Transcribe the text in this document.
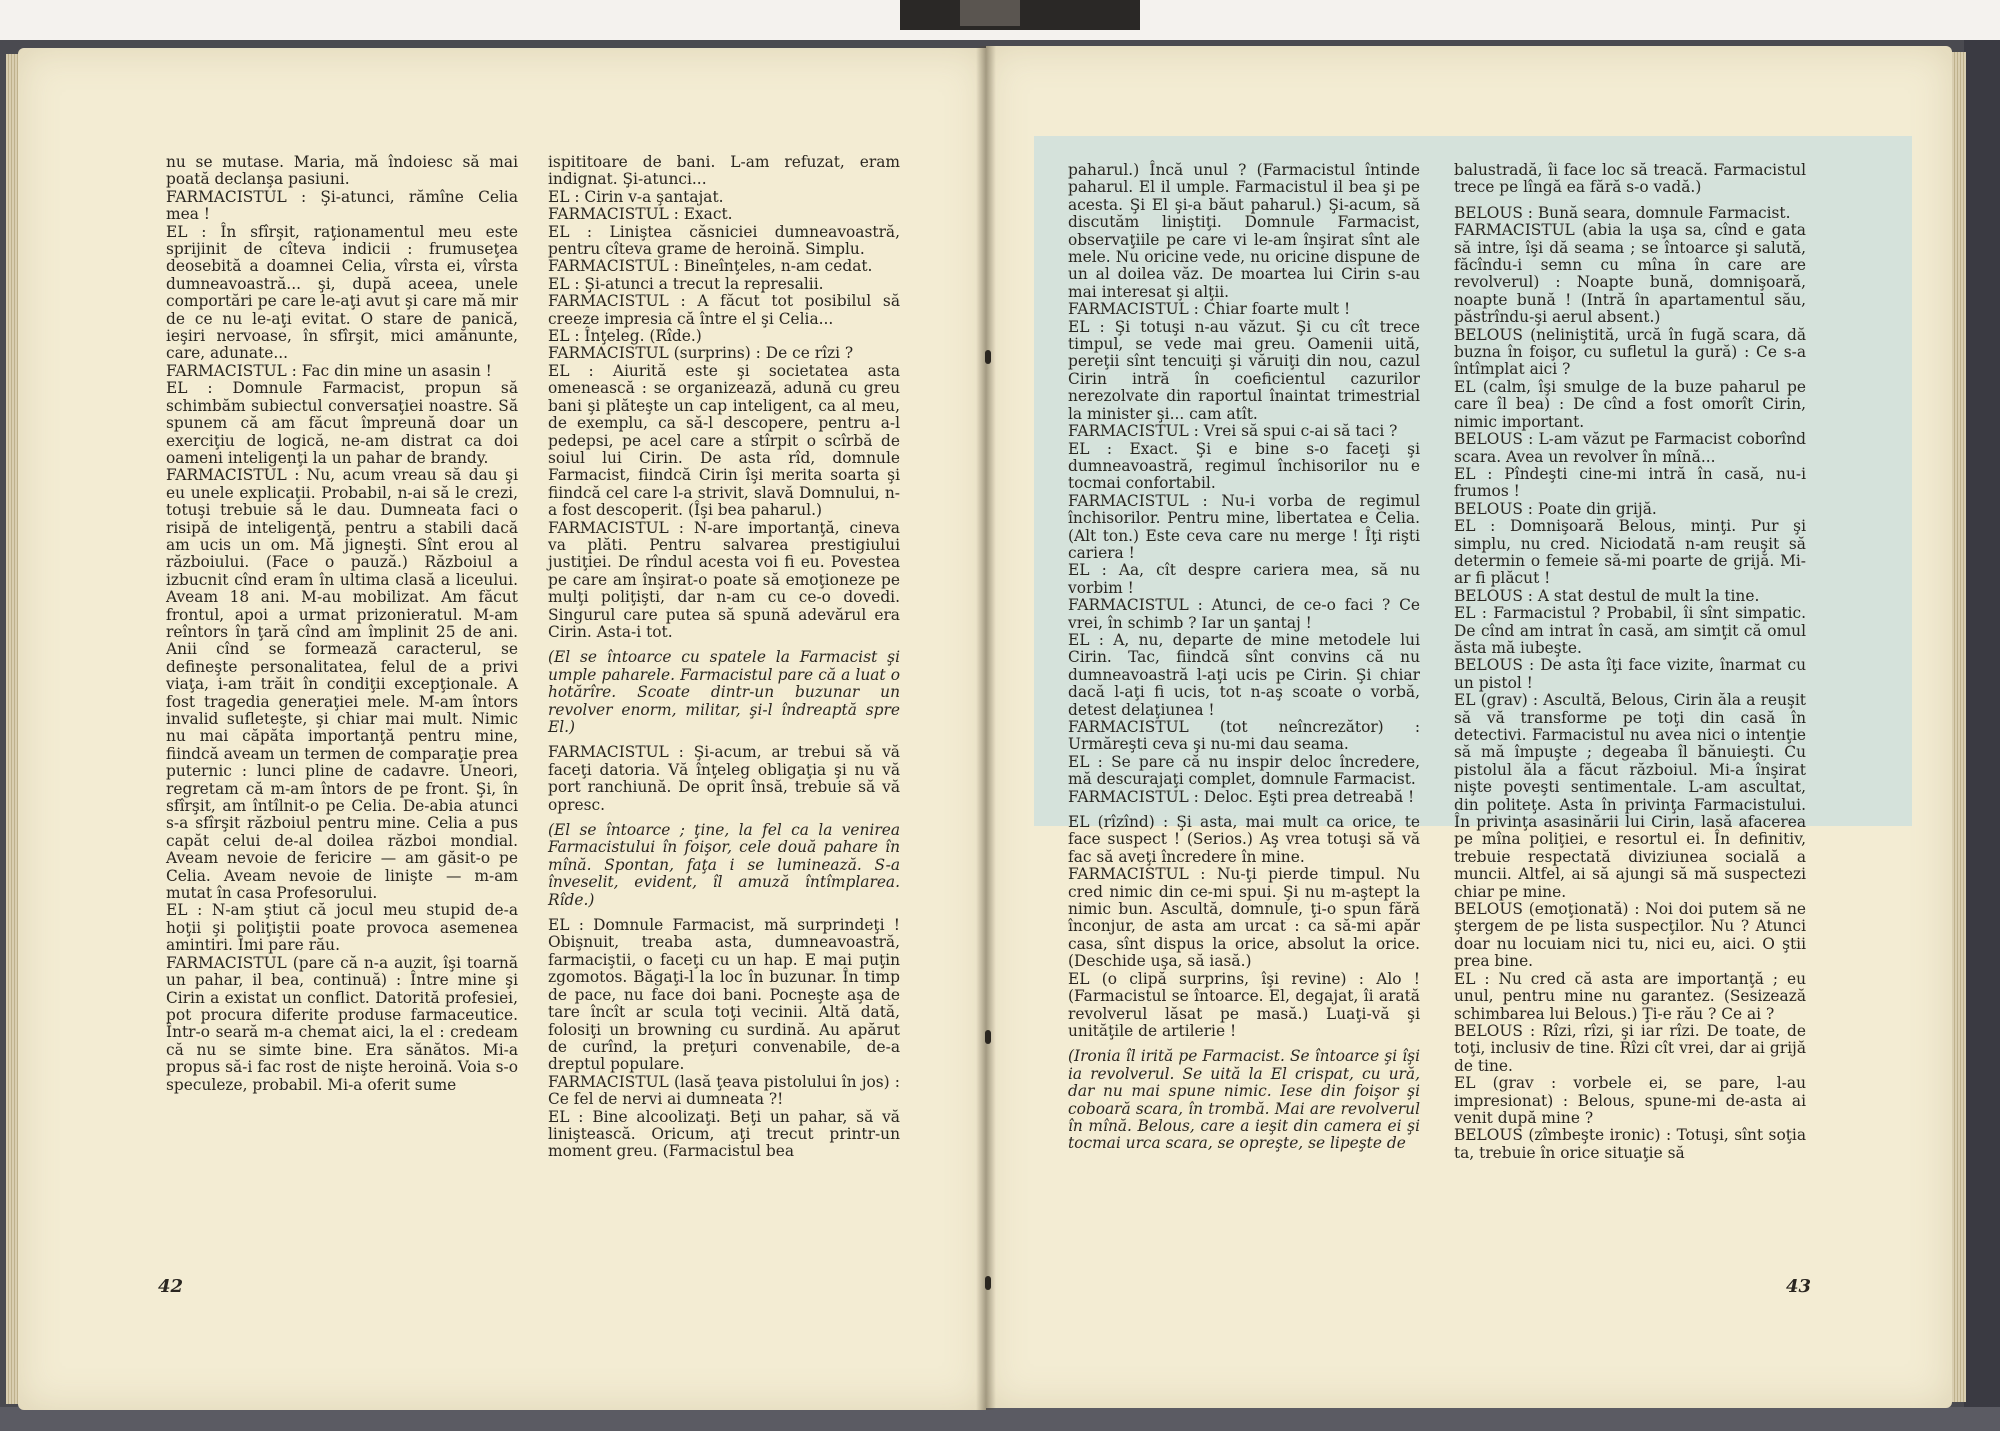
nu se mutase. Maria, mă îndoiesc să mai poată declanşa pasiuni.

FARMACISTUL : Şi-atunci, rămîne Celia mea !

EL : În sfîrşit, raţionamentul meu este sprijinit de cîteva indicii : frumuseţea deosebită a doamnei Celia, vîrsta ei, vîrsta dumneavoastră... şi, după aceea, unele comportări pe care le-aţi avut şi care mă mir de ce nu le-aţi evitat. O stare de panică, ieşiri nervoase, în sfîrşit, mici amănunte, care, adunate...

FARMACISTUL : Fac din mine un asasin !

EL : Domnule Farmacist, propun să schimbăm subiectul conversaţiei noastre. Să spunem că am făcut împreună doar un exerciţiu de logică, ne-am distrat ca doi oameni inteligenţi la un pahar de brandy.

FARMACISTUL : Nu, acum vreau să dau şi eu unele explicaţii. Probabil, n-ai să le crezi, totuşi trebuie să le dau. Dumneata faci o risipă de inteligenţă, pentru a stabili dacă am ucis un om. Mă jigneşti. Sînt erou al războiului. (Face o pauză.) Războiul a izbucnit cînd eram în ultima clasă a liceului. Aveam 18 ani. M-au mobilizat. Am făcut frontul, apoi a urmat prizonieratul. M-am reîntors în ţară cînd am împlinit 25 de ani. Anii cînd se formează caracterul, se defineşte personalitatea, felul de a privi viaţa, i-am trăit în condiţii excepţionale. A fost tragedia generaţiei mele. M-am întors invalid sufleteşte, şi chiar mai mult. Nimic nu mai căpăta importanţă pentru mine, fiindcă aveam un termen de comparaţie prea puternic : lunci pline de cadavre. Uneori, regretam că m-am întors de pe front. Şi, în sfîrşit, am întîlnit-o pe Celia. De-abia atunci s-a sfîrşit războiul pentru mine. Celia a pus capăt celui de-al doilea război mondial. Aveam nevoie de fericire — am găsit-o pe Celia. Aveam nevoie de linişte — m-am mutat în casa Profesorului.

EL : N-am ştiut că jocul meu stupid de-a hoţii şi poliţiştii poate provoca asemenea amintiri. Îmi pare rău.

FARMACISTUL (pare că n-a auzit, îşi toarnă un pahar, il bea, continuă) : Între mine şi Cirin a existat un conflict. Datorită profesiei, pot procura diferite produse farmaceutice. Într-o seară m-a chemat aici, la el : credeam că nu se simte bine. Era sănătos. Mi-a propus să-i fac rost de nişte heroină. Voia s-o speculeze, probabil. Mi-a oferit sume

ispititoare de bani. L-am refuzat, eram indignat. Şi-atunci...

EL : Cirin v-a şantajat.

FARMACISTUL : Exact.

EL : Liniştea căsniciei dumneavoastră, pentru cîteva grame de heroină. Simplu.

FARMACISTUL : Bineînţeles, n-am cedat.

EL : Şi-atunci a trecut la represalii.

FARMACISTUL : A făcut tot posibilul să creeze impresia că între el şi Celia...

EL : Înţeleg. (Rîde.)

FARMACISTUL (surprins) : De ce rîzi ?

EL : Aiurită este şi societatea asta omenească : se organizează, adună cu greu bani şi plăteşte un cap inteligent, ca al meu, de exemplu, ca să-l descopere, pentru a-l pedepsi, pe acel care a stîrpit o scîrbă de soiul lui Cirin. De asta rîd, domnule Farmacist, fiindcă Cirin îşi merita soarta şi fiindcă cel care l-a strivit, slavă Domnului, n-a fost descoperit. (Îşi bea paharul.)

FARMACISTUL : N-are importanţă, cineva va plăti. Pentru salvarea prestigiului justiţiei. De rîndul acesta voi fi eu. Povestea pe care am înşirat-o poate să emoţioneze pe mulţi poliţişti, dar n-am cu ce-o dovedi. Singurul care putea să spună adevărul era Cirin. Asta-i tot.

(El se întoarce cu spatele la Farmacist şi umple paharele. Farmacistul pare că a luat o hotărîre. Scoate dintr-un buzunar un revolver enorm, militar, şi-l îndreaptă spre El.)

FARMACISTUL : Şi-acum, ar trebui să vă faceţi datoria. Vă înţeleg obligaţia şi nu vă port ranchiună. De oprit însă, trebuie să vă opresc.

(El se întoarce ; ţine, la fel ca la venirea Farmacistului în foişor, cele două pahare în mînă. Spontan, faţa i se luminează. S-a înveselit, evident, îl amuză întîmplarea. Rîde.)

EL : Domnule Farmacist, mă surprindeţi ! Obişnuit, treaba asta, dumneavoastră, farmaciştii, o faceţi cu un hap. E mai puţin zgomotos. Băgaţi-l la loc în buzunar. În timp de pace, nu face doi bani. Pocneşte aşa de tare încît ar scula toţi vecinii. Altă dată, folosiţi un browning cu surdină. Au apărut de curînd, la preţuri convenabile, de-a dreptul populare.

FARMACISTUL (lasă ţeava pistolului în jos) : Ce fel de nervi ai dumneata ?!

EL : Bine alcoolizaţi. Beţi un pahar, să vă liniştească. Oricum, aţi trecut printr-un moment greu. (Farmacistul bea

42

paharul.) Încă unul ? (Farmacistul întinde paharul. El il umple. Farmacistul il bea şi pe acesta. Şi El şi-a băut paharul.) Şi-acum, să discutăm liniştiţi. Domnule Farmacist, observaţiile pe care vi le-am înşirat sînt ale mele. Nu oricine vede, nu oricine dispune de un al doilea văz. De moartea lui Cirin s-au mai interesat şi alţii.

FARMACISTUL : Chiar foarte mult !

EL : Şi totuşi n-au văzut. Şi cu cît trece timpul, se vede mai greu. Oamenii uită, pereţii sînt tencuiţi şi văruiţi din nou, cazul Cirin intră în coeficientul cazurilor nerezolvate din raportul înaintat trimestrial la minister şi... cam atît.

FARMACISTUL : Vrei să spui c-ai să taci ?

EL : Exact. Şi e bine s-o faceţi şi dumneavoastră, regimul închisorilor nu e tocmai confortabil.

FARMACISTUL : Nu-i vorba de regimul închisorilor. Pentru mine, libertatea e Celia. (Alt ton.) Este ceva care nu merge ! Îţi rişti cariera !

EL : Aa, cît despre cariera mea, să nu vorbim !

FARMACISTUL : Atunci, de ce-o faci ? Ce vrei, în schimb ? Iar un şantaj !

EL : A, nu, departe de mine metodele lui Cirin. Tac, fiindcă sînt convins că nu dumneavoastră l-aţi ucis pe Cirin. Şi chiar dacă l-aţi fi ucis, tot n-aş scoate o vorbă, detest delaţiunea !

FARMACISTUL (tot neîncrezător) : Urmăreşti ceva şi nu-mi dau seama.

EL : Se pare că nu inspir deloc încredere, mă descurajaţi complet, domnule Farmacist.

FARMACISTUL : Deloc. Eşti prea detreabă !

EL (rîzînd) : Şi asta, mai mult ca orice, te face suspect ! (Serios.) Aş vrea totuşi să vă fac să aveţi încredere în mine.

FARMACISTUL : Nu-ţi pierde timpul. Nu cred nimic din ce-mi spui. Şi nu m-aştept la nimic bun. Ascultă, domnule, ţi-o spun fără înconjur, de asta am urcat : ca să-mi apăr casa, sînt dispus la orice, absolut la orice. (Deschide uşa, să iasă.)

EL (o clipă surprins, îşi revine) : Alo ! (Farmacistul se întoarce. El, degajat, îi arată revolverul lăsat pe masă.) Luaţi-vă şi unităţile de artilerie !

(Ironia îl irită pe Farmacist. Se întoarce şi îşi ia revolverul. Se uită la El crispat, cu ură, dar nu mai spune nimic. Iese din foişor şi coboară scara, în trombă. Mai are revolverul în mînă. Belous, care a ieşit din camera ei şi tocmai urca scara, se opreşte, se lipeşte de

balustradă, îi face loc să treacă. Farmacistul trece pe lîngă ea fără s-o vadă.)

BELOUS : Bună seara, domnule Farmacist.

FARMACISTUL (abia la uşa sa, cînd e gata să intre, îşi dă seama ; se întoarce şi salută, făcîndu-i semn cu mîna în care are revolverul) : Noapte bună, domnişoară, noapte bună ! (Intră în apartamentul său, păstrîndu-şi aerul absent.)

BELOUS (neliniştită, urcă în fugă scara, dă buzna în foişor, cu sufletul la gură) : Ce s-a întîmplat aici ?

EL (calm, îşi smulge de la buze paharul pe care îl bea) : De cînd a fost omorît Cirin, nimic important.

BELOUS : L-am văzut pe Farmacist coborînd scara. Avea un revolver în mînă...

EL : Pîndeşti cine-mi intră în casă, nu-i frumos !

BELOUS : Poate din grijă.

EL : Domnişoară Belous, minţi. Pur şi simplu, nu cred. Niciodată n-am reuşit să determin o femeie să-mi poarte de grijă. Mi-ar fi plăcut !

BELOUS : A stat destul de mult la tine.

EL : Farmacistul ? Probabil, îi sînt simpatic. De cînd am intrat în casă, am simţit că omul ăsta mă iubeşte.

BELOUS : De asta îţi face vizite, înarmat cu un pistol !

EL (grav) : Ascultă, Belous, Cirin ăla a reuşit să vă transforme pe toţi din casă în detectivi. Farmacistul nu avea nici o intenţie să mă împuşte ; degeaba îl bănuieşti. Cu pistolul ăla a făcut războiul. Mi-a înşirat nişte poveşti sentimentale. L-am ascultat, din politeţe. Asta în privinţa Farmacistului. În privinţa asasinării lui Cirin, lasă afacerea pe mîna poliţiei, e resortul ei. În definitiv, trebuie respectată diviziunea socială a muncii. Altfel, ai să ajungi să mă suspectezi chiar pe mine.

BELOUS (emoţionată) : Noi doi putem să ne ştergem de pe lista suspecţilor. Nu ? Atunci doar nu locuiam nici tu, nici eu, aici. O ştii prea bine.

EL : Nu cred că asta are importanţă ; eu unul, pentru mine nu garantez. (Sesizează schimbarea lui Belous.) Ţi-e rău ? Ce ai ?

BELOUS : Rîzi, rîzi, şi iar rîzi. De toate, de toţi, inclusiv de tine. Rîzi cît vrei, dar ai grijă de tine.

EL (grav : vorbele ei, se pare, l-au impresionat) : Belous, spune-mi de-asta ai venit după mine ?

BELOUS (zîmbeşte ironic) : Totuşi, sînt soţia ta, trebuie în orice situaţie să

43
